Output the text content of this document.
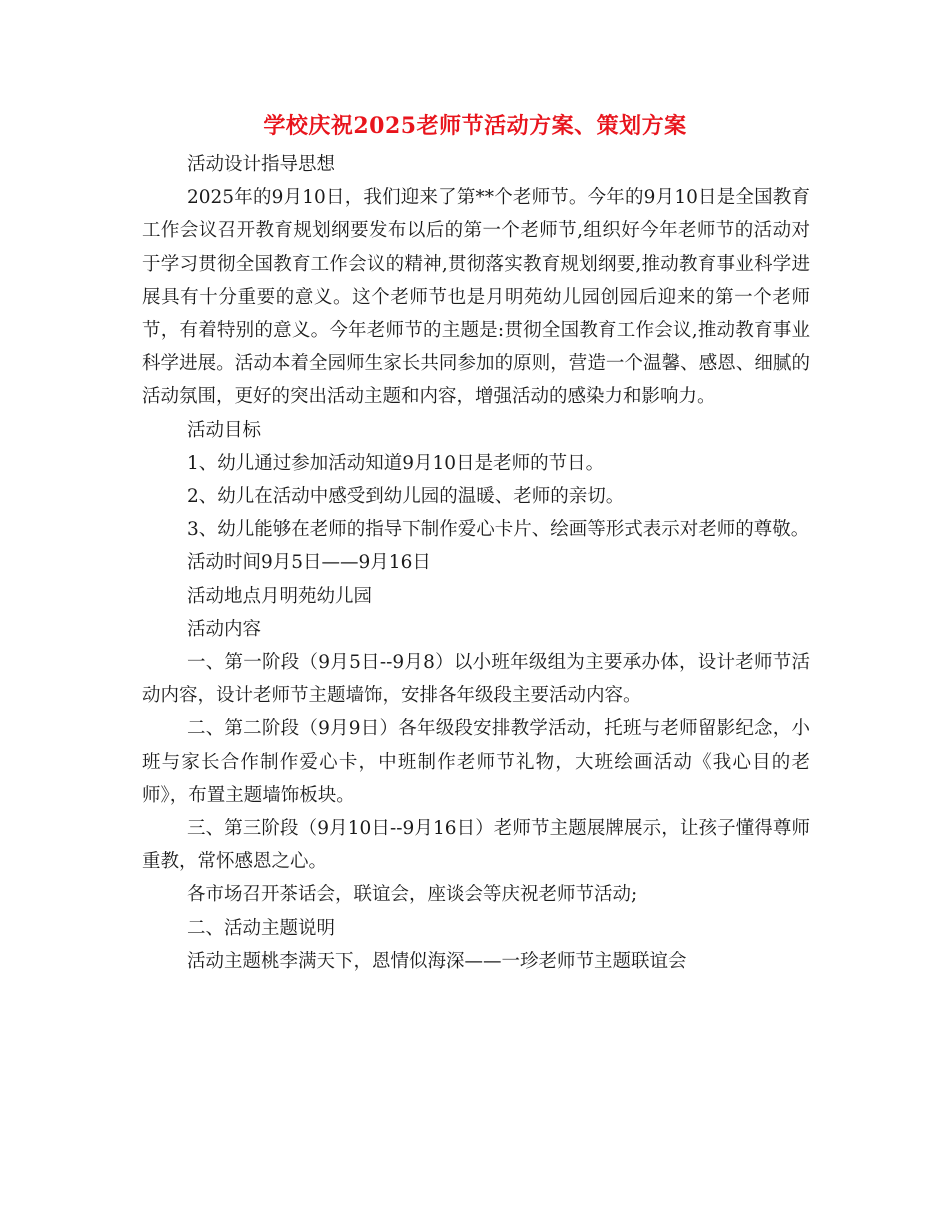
学校庆祝2025老师节活动方案、策划方案

活动设计指导思想

2025年的9月10日，我们迎来了第**个老师节。今年的9月10日是全国教育工作会议召开教育规划纲要发布以后的第一个老师节,组织好今年老师节的活动对于学习贯彻全国教育工作会议的精神,贯彻落实教育规划纲要,推动教育事业科学进展具有十分重要的意义。这个老师节也是月明苑幼儿园创园后迎来的第一个老师节，有着特别的意义。今年老师节的主题是:贯彻全国教育工作会议,推动教育事业科学进展。活动本着全园师生家长共同参加的原则，营造一个温馨、感恩、细腻的活动氛围，更好的突出活动主题和内容，增强活动的感染力和影响力。

活动目标

1、幼儿通过参加活动知道9月10日是老师的节日。

2、幼儿在活动中感受到幼儿园的温暖、老师的亲切。

3、幼儿能够在老师的指导下制作爱心卡片、绘画等形式表示对老师的尊敬。

活动时间9月5日——9月16日

活动地点月明苑幼儿园

活动内容

一、第一阶段（9月5日--9月8）以小班年级组为主要承办体，设计老师节活动内容，设计老师节主题墙饰，安排各年级段主要活动内容。

二、第二阶段（9月9日）各年级段安排教学活动，托班与老师留影纪念，小班与家长合作制作爱心卡，中班制作老师节礼物，大班绘画活动《我心目的老师》，布置主题墙饰板块。

三、第三阶段（9月10日--9月16日）老师节主题展牌展示，让孩子懂得尊师重教，常怀感恩之心。

各市场召开茶话会，联谊会，座谈会等庆祝老师节活动;

二、活动主题说明

活动主题桃李满天下，恩情似海深——一珍老师节主题联谊会
